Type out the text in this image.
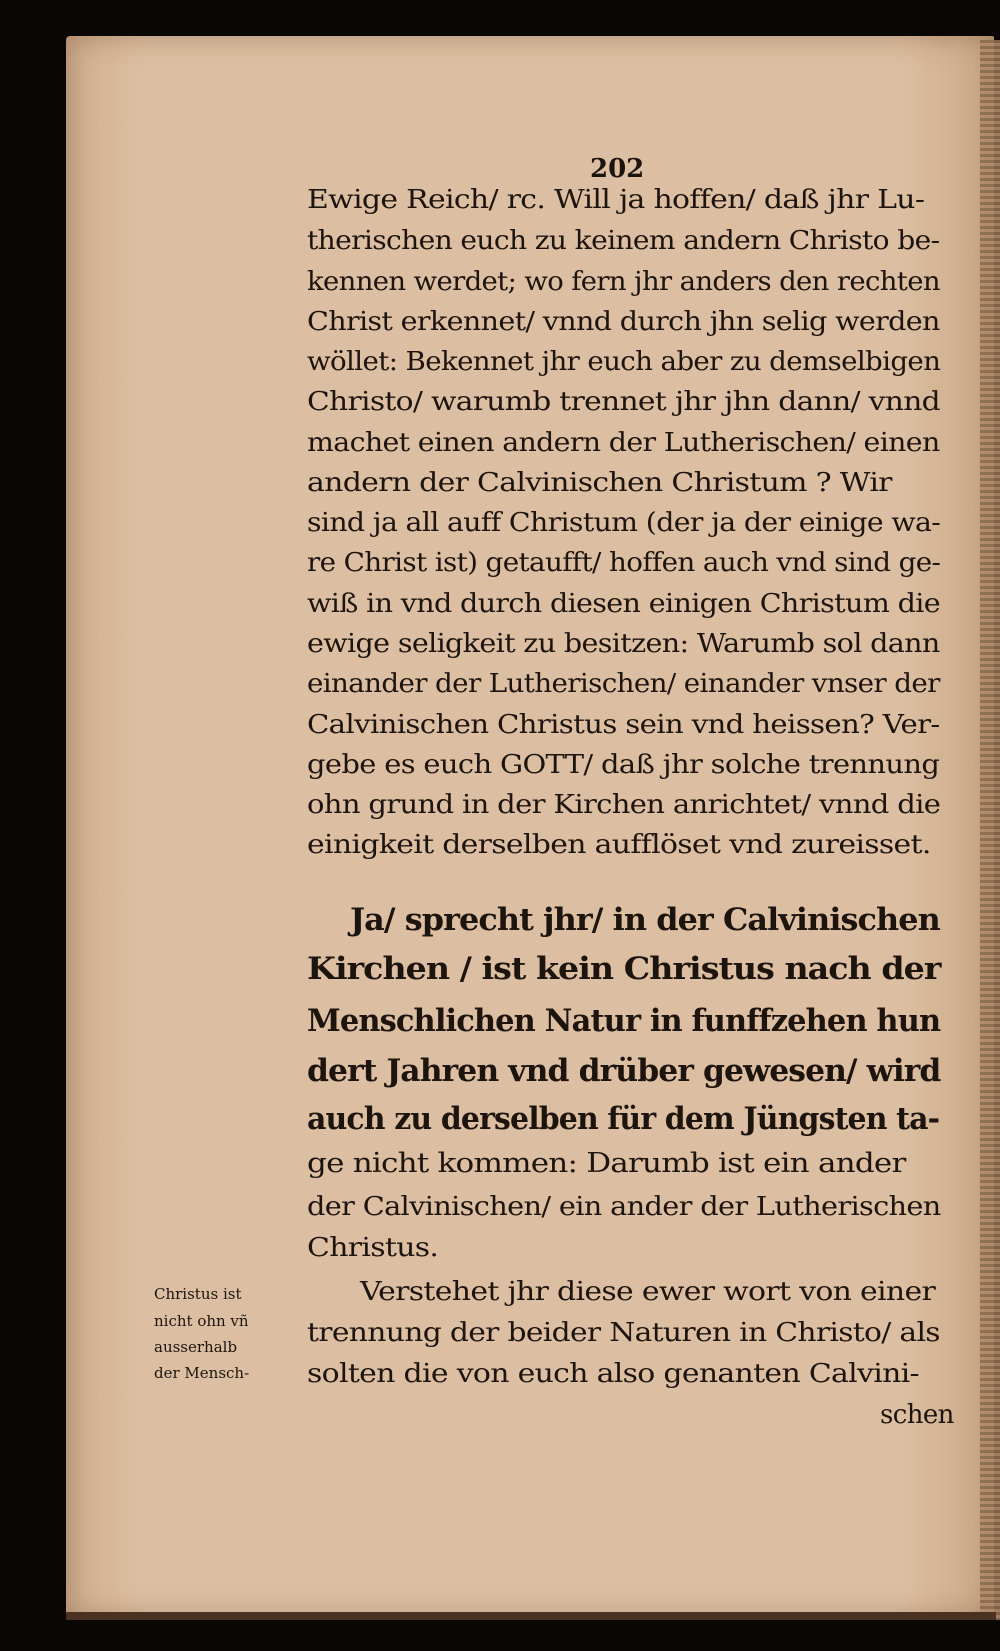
202
Ewige Reich/ rc. Will ja hoffen/ daß jhr Lu-
therischen euch zu keinem andern Christo be-
kennen werdet; wo fern jhr anders den rechten
Christ erkennet/ vnnd durch jhn selig werden
wöllet: Bekennet jhr euch aber zu demselbigen
Christo/ warumb trennet jhr jhn dann/ vnnd
machet einen andern der Lutherischen/ einen
andern der Calvinischen Christum ? Wir
sind ja all auff Christum (der ja der einige wa-
re Christ ist) getaufft/ hoffen auch vnd sind ge-
wiß in vnd durch diesen einigen Christum die
ewige seligkeit zu besitzen: Warumb sol dann
einander der Lutherischen/ einander vnser der
Calvinischen Christus sein vnd heissen? Ver-
gebe es euch GOTT/ daß jhr solche trennung
ohn grund in der Kirchen anrichtet/ vnnd die
einigkeit derselben aufflöset vnd zureisset.
Ja/ sprecht jhr/ in der Calvinischen
Kirchen / ist kein Christus nach der
Menschlichen Natur in funffzehen hun
dert Jahren vnd drüber gewesen/ wird
auch zu derselben für dem Jüngsten ta-
ge nicht kommen: Darumb ist ein ander
der Calvinischen/ ein ander der Lutherischen
Christus.
Verstehet jhr diese ewer wort von einer
trennung der beider Naturen in Christo/ als
solten die von euch also genanten Calvini-
schen
Christus ist
nicht ohn vñ
ausserhalb
der Mensch-
